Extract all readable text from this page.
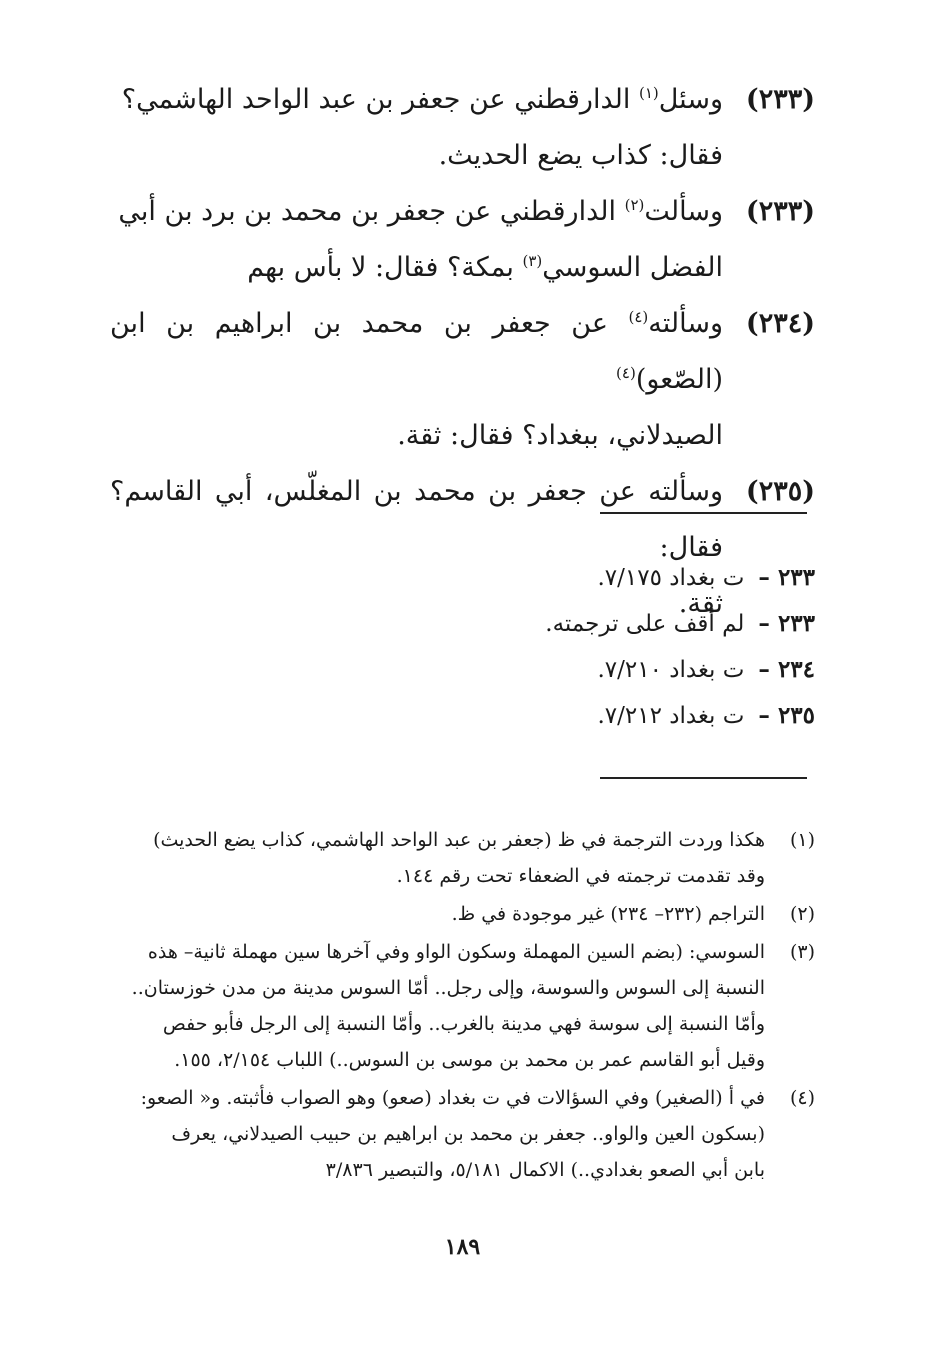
(٢٣٣)
وسئل$^{(١)}$ الدارقطني عن جعفر بن عبد الواحد الهاشمي؟
فقال: كذاب يضع الحديث.
(٢٣٣)
وسألت$^{(٢)}$ الدارقطني عن جعفر بن محمد بن برد بن أبي
الفضل السوسي$^{(٣)}$ بمكة؟ فقال: لا بأس بهم
(٢٣٤)
وسألته$^{(٤)}$ عن جعفر بن محمد بن ابراهيم بن ابن (الصّعو)$^{(٤)}$
الصيدلاني، ببغداد؟ فقال: ثقة.
(٢٣٥)
وسألته عن جعفر بن محمد بن المغلّس، أبي القاسم؟ فقال:
ثقة.
٢٣٣ –ت بغداد ٧/١٧٥.
٢٣٣ –لم أقف على ترجمته.
٢٣٤ –ت بغداد ٧/٢١٠.
٢٣٥ –ت بغداد ٧/٢١٢.
(١)
هكذا وردت الترجمة في ظ (جعفر بن عبد الواحد الهاشمي، كذاب يضع الحديث)
وقد تقدمت ترجمته في الضعفاء تحت رقم ١٤٤.
(٢)
التراجم (٢٣٢– ٢٣٤) غير موجودة في ظ.
(٣)
السوسي: (بضم السين المهملة وسكون الواو وفي آخرها سين مهملة ثانية– هذه
النسبة إلى السوس والسوسة، وإلى رجل.. أمّا السوس مدينة من مدن خوزستان..
وأمّا النسبة إلى سوسة فهي مدينة بالغرب.. وأمّا النسبة إلى الرجل فأبو حفص
وقيل أبو القاسم عمر بن محمد بن موسى بن السوس..) اللباب ٢/١٥٤، ١٥٥.
(٤)
في أ (الصغير) وفي السؤالات في ت بغداد (صعو) وهو الصواب فأثبته. و« الصعو:
(بسكون العين والواو.. جعفر بن محمد بن ابراهيم بن حبيب الصيدلاني، يعرف
بابن أبي الصعو بغدادي..) الاكمال ٥/١٨١، والتبصير ٣/٨٣٦
١٨٩
